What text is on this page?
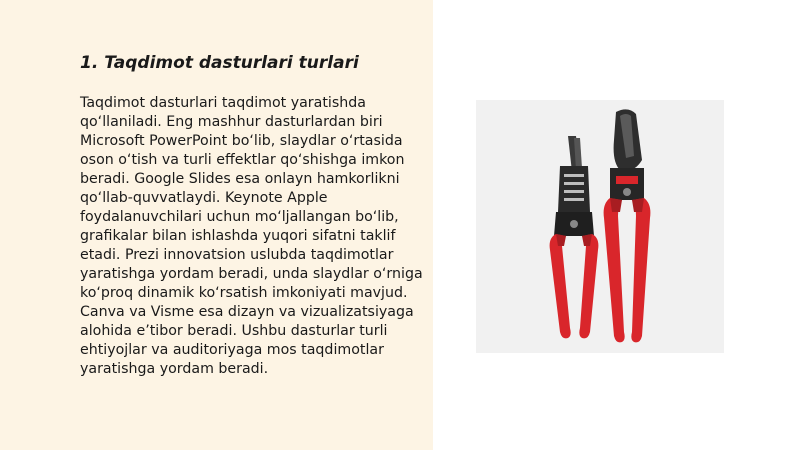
1. Taqdimot dasturlari turlari

Taqdimot dasturlari taqdimot yaratishda qo‘llaniladi. Eng mashhur dasturlardan biri Microsoft PowerPoint bo‘lib, slaydlar o‘rtasida oson o‘tish va turli effektlar qo‘shishga imkon beradi. Google Slides esa onlayn hamkorlikni qo‘llab-quvvatlaydi. Keynote Apple foydalanuvchilari uchun mo‘ljallangan bo‘lib, grafikalar bilan ishlashda yuqori sifatni taklif etadi. Prezi innovatsion uslubda taqdimotlar yaratishga yordam beradi, unda slaydlar o‘rniga ko‘proq dinamik ko‘rsatish imkoniyati mavjud. Canva va Visme esa dizayn va vizualizatsiyaga alohida e’tibor beradi. Ushbu dasturlar turli ehtiyojlar va auditoriyaga mos taqdimotlar yaratishga yordam beradi.
